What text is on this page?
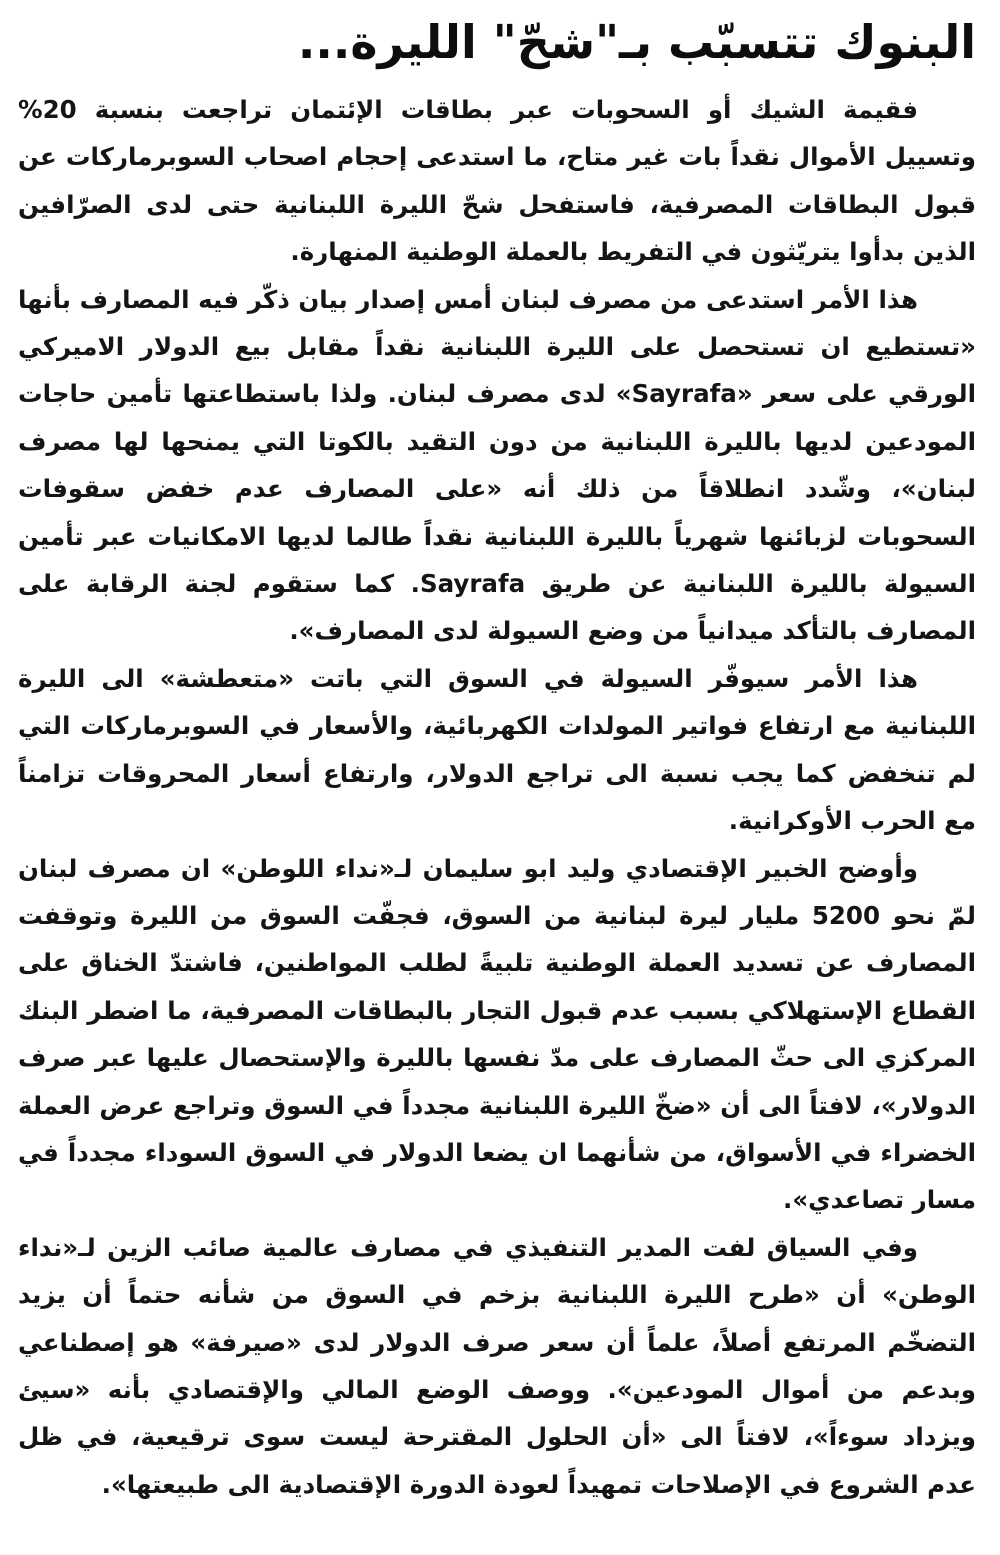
البنوك تتسبّب بـ"شحّ" الليرة...

فقيمة الشيك أو السحوبات عبر بطاقات الإئتمان تراجعت بنسبة 20% وتسييل الأموال نقداً بات غير متاح، ما استدعى إحجام اصحاب السوبرماركات عن قبول البطاقات المصرفية، فاستفحل شحّ الليرة اللبنانية حتى لدى الصرّافين الذين بدأوا يتريّثون في التفريط بالعملة الوطنية المنهارة.

هذا الأمر استدعى من مصرف لبنان أمس إصدار بيان ذكّر فيه المصارف بأنها «تستطيع ان تستحصل على الليرة اللبنانية نقداً مقابل بيع الدولار الاميركي الورقي على سعر «Sayrafa» لدى مصرف لبنان. ولذا باستطاعتها تأمين حاجات المودعين لديها بالليرة اللبنانية من دون التقيد بالكوتا التي يمنحها لها مصرف لبنان»، وشّدد انطلاقاً من ذلك أنه «على المصارف عدم خفض سقوفات السحوبات لزبائنها شهرياً بالليرة اللبنانية نقداً طالما لديها الامكانيات عبر تأمين السيولة بالليرة اللبنانية عن طريق Sayrafa. كما ستقوم لجنة الرقابة على المصارف بالتأكد ميدانياً من وضع السيولة لدى المصارف».

هذا الأمر سيوفّر السيولة في السوق التي باتت «متعطشة» الى الليرة اللبنانية مع ارتفاع فواتير المولدات الكهربائية، والأسعار في السوبرماركات التي لم تنخفض كما يجب نسبة الى تراجع الدولار، وارتفاع أسعار المحروقات تزامناً مع الحرب الأوكرانية.

وأوضح الخبير الإقتصادي وليد ابو سليمان لـ«نداء اللوطن» ان مصرف لبنان لمّ نحو 5200 مليار ليرة لبنانية من السوق، فجفّت السوق من الليرة وتوقفت المصارف عن تسديد العملة الوطنية تلبيةً لطلب المواطنين، فاشتدّ الخناق على القطاع الإستهلاكي بسبب عدم قبول التجار بالبطاقات المصرفية، ما اضطر البنك المركزي الى حثّ المصارف على مدّ نفسها بالليرة والإستحصال عليها عبر صرف الدولار»، لافتاً الى أن «ضخّ الليرة اللبنانية مجدداً في السوق وتراجع عرض العملة الخضراء في الأسواق، من شأنهما ان يضعا الدولار في السوق السوداء مجدداً في مسار تصاعدي».

وفي السياق لفت المدير التنفيذي في مصارف عالمية صائب الزين لـ«نداء الوطن» أن «طرح الليرة اللبنانية بزخم في السوق من شأنه حتماً أن يزيد التضخّم المرتفع أصلاً، علماً أن سعر صرف الدولار لدى «صيرفة» هو إصطناعي وبدعم من أموال المودعين». ووصف الوضع المالي والإقتصادي بأنه «سيئ ويزداد سوءاً»، لافتاً الى «أن الحلول المقترحة ليست سوى ترقيعية، في ظل عدم الشروع في الإصلاحات تمهيداً لعودة الدورة الإقتصادية الى طبيعتها».
